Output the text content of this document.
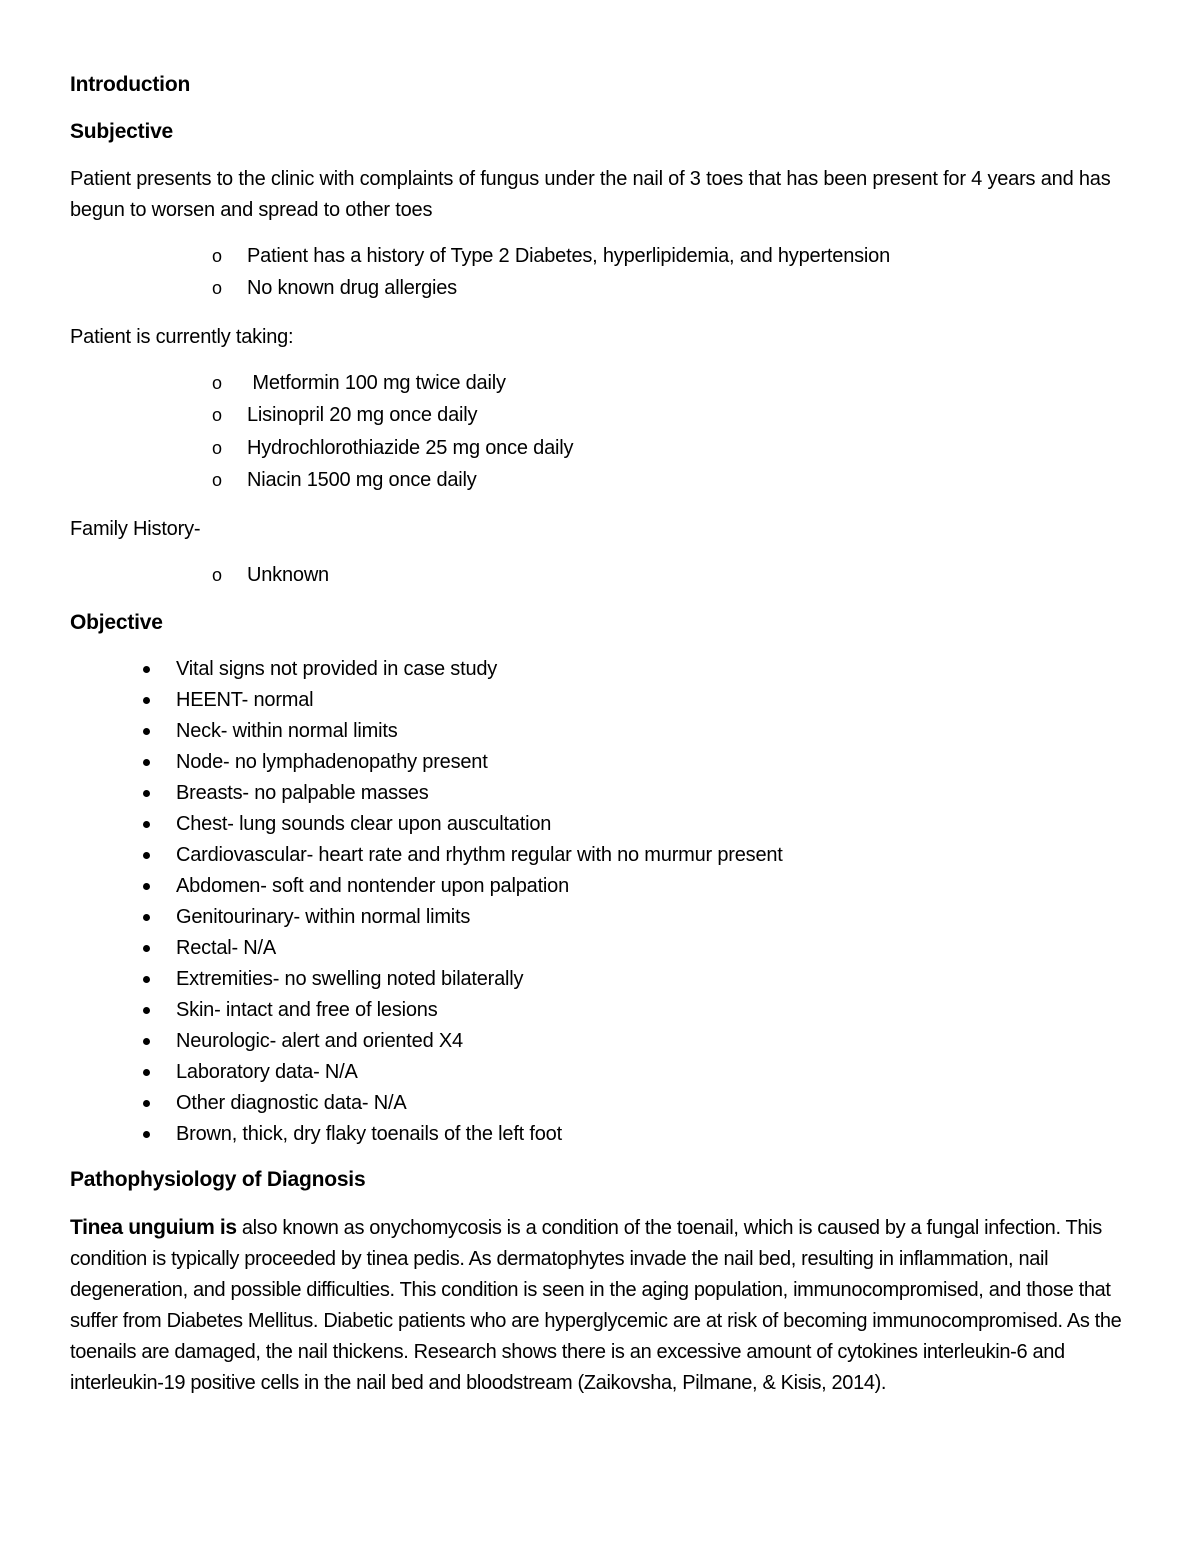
Introduction
Subjective
Patient presents to the clinic with complaints of fungus under the nail of 3 toes that has been present for 4 years and has begun to worsen and spread to other toes
o Patient has a history of Type 2 Diabetes, hyperlipidemia, and hypertension
o No known drug allergies
Patient is currently taking:
o Metformin 100 mg twice daily
o Lisinopril 20 mg once daily
o Hydrochlorothiazide 25 mg once daily
o Niacin 1500 mg once daily
Family History-
o Unknown
Objective
Vital signs not provided in case study
HEENT- normal
Neck- within normal limits
Node- no lymphadenopathy present
Breasts- no palpable masses
Chest- lung sounds clear upon auscultation
Cardiovascular- heart rate and rhythm regular with no murmur present
Abdomen- soft and nontender upon palpation
Genitourinary- within normal limits
Rectal- N/A
Extremities- no swelling noted bilaterally
Skin- intact and free of lesions
Neurologic- alert and oriented X4
Laboratory data- N/A
Other diagnostic data- N/A
Brown, thick, dry flaky toenails of the left foot
Pathophysiology of Diagnosis
Tinea unguium is also known as onychomycosis is a condition of the toenail, which is caused by a fungal infection. This condition is typically proceeded by tinea pedis. As dermatophytes invade the nail bed, resulting in inflammation, nail degeneration, and possible difficulties. This condition is seen in the aging population, immunocompromised, and those that suffer from Diabetes Mellitus. Diabetic patients who are hyperglycemic are at risk of becoming immunocompromised. As the toenails are damaged, the nail thickens. Research shows there is an excessive amount of cytokines interleukin-6 and interleukin-19 positive cells in the nail bed and bloodstream (Zaikovsha, Pilmane, & Kisis, 2014).
